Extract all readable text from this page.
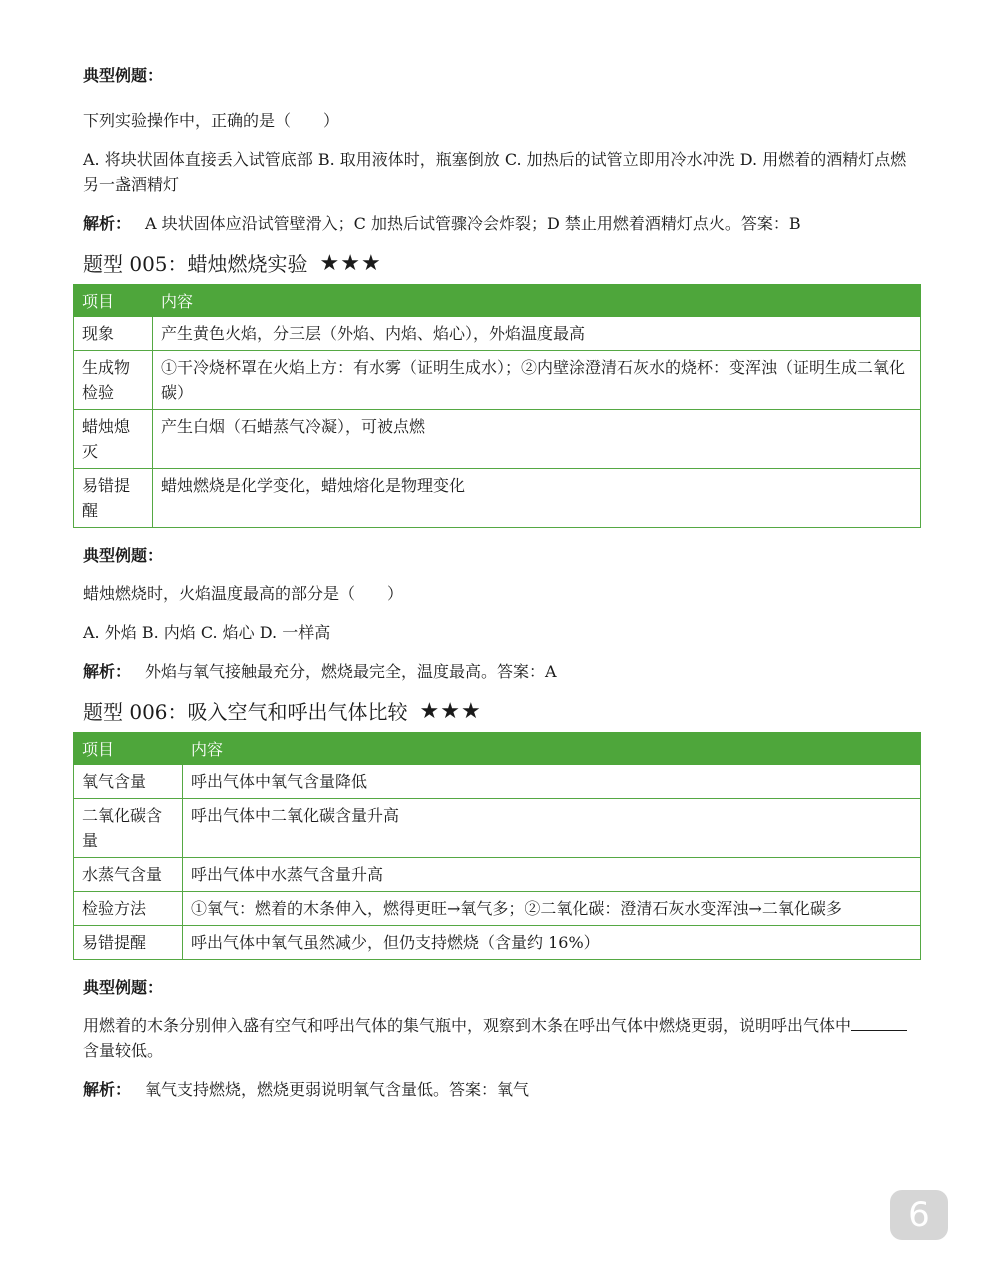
典型例题：

下列实验操作中，正确的是（　　）

A. 将块状固体直接丢入试管底部 B. 取用液体时，瓶塞倒放 C. 加热后的试管立即用冷水冲洗 D. 用燃着的酒精灯点燃另一盏酒精灯

解析： A 块状固体应沿试管壁滑入；C 加热后试管骤冷会炸裂；D 禁止用燃着酒精灯点火。答案：B

题型 005：蜡烛燃烧实验 ★★★
项目	内容
现象	产生黄色火焰，分三层（外焰、内焰、焰心），外焰温度最高
生成物检验	①干冷烧杯罩在火焰上方：有水雾（证明生成水）；②内壁涂澄清石灰水的烧杯：变浑浊（证明生成二氧化碳）
蜡烛熄灭	产生白烟（石蜡蒸气冷凝），可被点燃
易错提醒	蜡烛燃烧是化学变化，蜡烛熔化是物理变化
典型例题：

蜡烛燃烧时，火焰温度最高的部分是（　　）

A. 外焰 B. 内焰 C. 焰心 D. 一样高

解析： 外焰与氧气接触最充分，燃烧最完全，温度最高。答案：A

题型 006：吸入空气和呼出气体比较 ★★★
项目	内容
氧气含量	呼出气体中氧气含量降低
二氧化碳含量	呼出气体中二氧化碳含量升高
水蒸气含量	呼出气体中水蒸气含量升高
检验方法	①氧气：燃着的木条伸入，燃得更旺→氧气多；②二氧化碳：澄清石灰水变浑浊→二氧化碳多
易错提醒	呼出气体中氧气虽然减少，但仍支持燃烧（含量约 16%）
典型例题：

用燃着的木条分别伸入盛有空气和呼出气体的集气瓶中，观察到木条在呼出气体中燃烧更弱，说明呼出气体中含量较低。

解析： 氧气支持燃烧，燃烧更弱说明氧气含量低。答案：氧气

6
